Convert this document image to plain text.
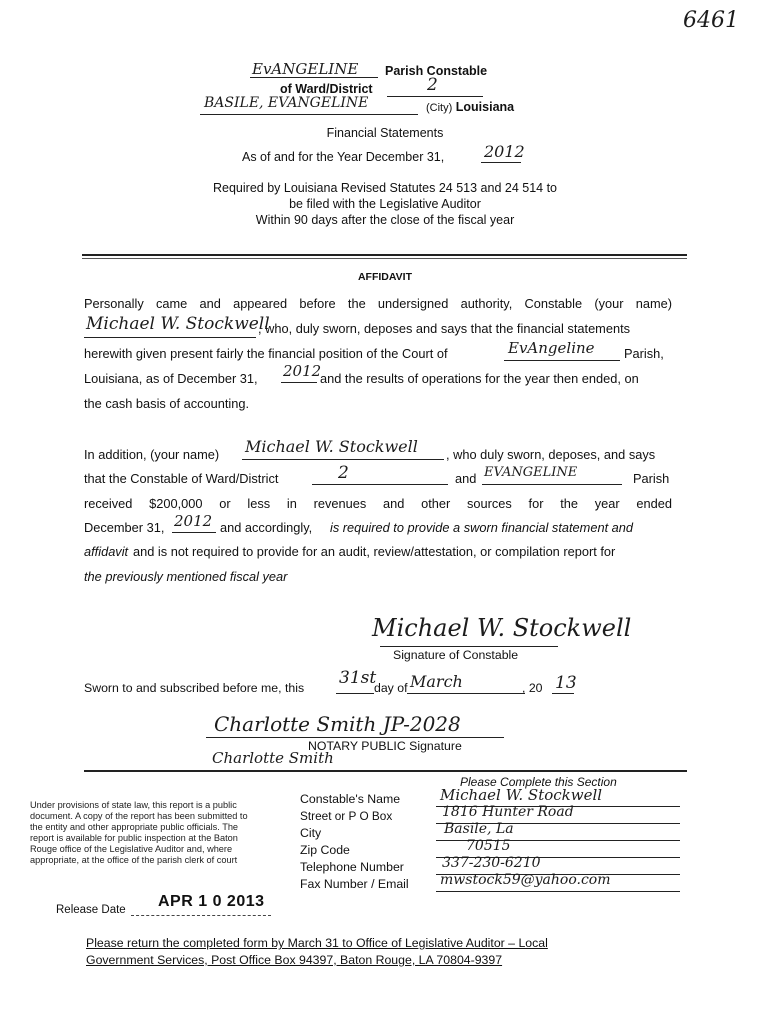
6461
EvANGELINE Parish Constable
of Ward/District	2
BASILE, EVANGELINE	(City) Louisiana
Financial Statements
As of and for the Year December 31, 2012
Required by Louisiana Revised Statutes 24 513 and 24 514 to
be filed with the Legislative Auditor
Within 90 days after the close of the fiscal year
AFFIDAVIT
Personally came and appeared before the undersigned authority, Constable (your name)
Michael W. Stockwell
, who, duly sworn, deposes and says that the financial statements
herewith given present fairly the financial position of the Court of	EvAngeline Parish,
Louisiana, as of December 31, 2012
and the results of operations for the year then ended, on
the cash basis of accounting.
In addition, (your name) Michael W. Stockwell , who duly sworn, deposes, and says
that the Constable of Ward/District	2	and EVANGELINE	Parish
received $200,000 or less in revenues and other sources for the year ended
December 31, 2012 and accordingly, is required to provide a sworn financial statement and
affidavit and is not required to provide for an audit, review/attestation, or compilation report for
the previously mentioned fiscal year
Michael W. Stockwell
Signature of Constable
Sworn to and subscribed before me, this 31st
day of March	, 20 13
Charlotte Smith JP-2028
NOTARY PUBLIC Signature
Charlotte Smith
Under provisions of state law, this report is a public
document. A copy of the report has been submitted to
the entity and other appropriate public officials. The
report is available for public inspection at the Baton
Rouge office of the Legislative Auditor and, where
appropriate, at the office of the parish clerk of court
Please Complete this Section
Constable's Name	Michael W. Stockwell
Street or P O Box	1816 Hunter Road
City	Basile, La
Zip Code	70515
Telephone Number	337-230-6210
Fax Number / Email mwstock59@yahoo.com
Release Date APR 1 0 2013
Please return the completed form by March 31 to Office of Legislative Auditor – Local
Government Services, Post Office Box 94397, Baton Rouge, LA 70804-9397
